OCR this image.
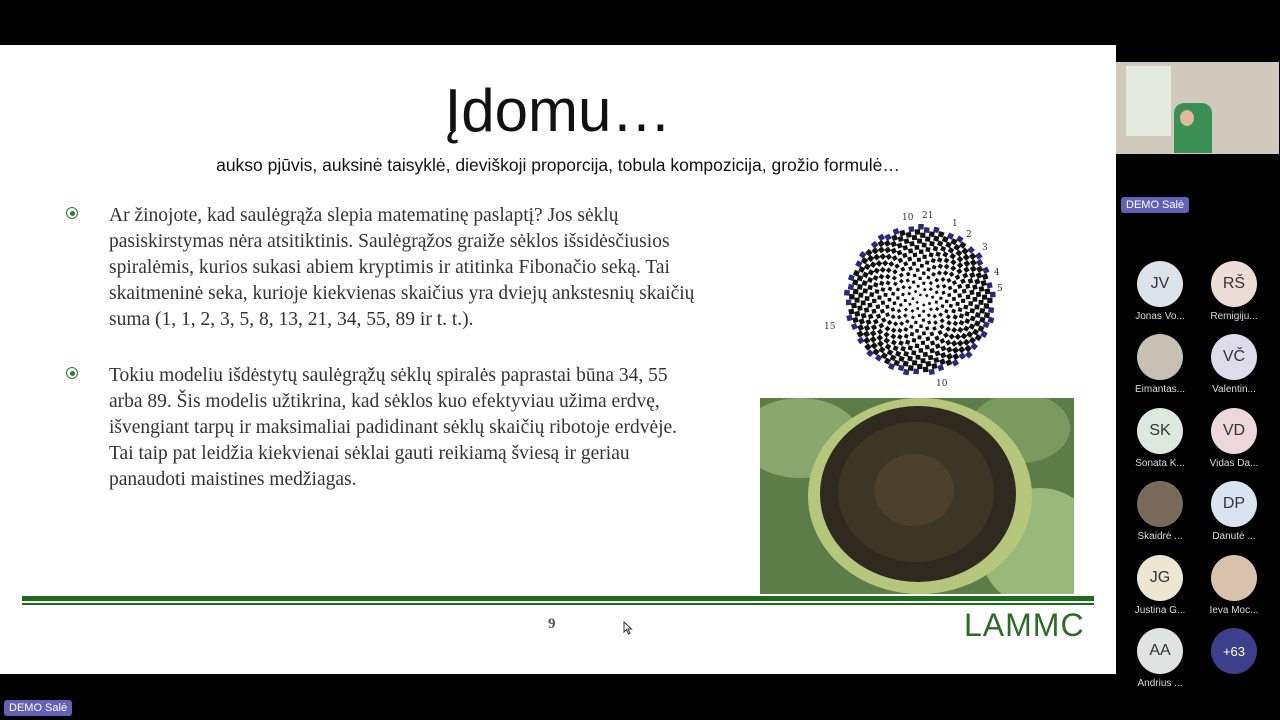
Įdomu…
aukso pjūvis, auksinė taisyklė, dieviškoji proporcija, tobula kompozicija, grožio formulė…
Ar žinojote, kad saulėgrąža slepia matematinę paslaptį? Jos sėklų pasiskirstymas nėra atsitiktinis. Saulėgrąžos graiže sėklos išsidėsčiusios spiralėmis, kurios sukasi abiem kryptimis ir atitinka Fibonačio seką. Tai skaitmeninė seka, kurioje kiekvienas skaičius yra dviejų ankstesnių skaičių suma (1, 1, 2, 3, 5, 8, 13, 21, 34, 55, 89 ir t. t.).
Tokiu modeliu išdėstytų saulėgrąžų sėklų spiralės paprastai būna 34, 55 arba 89. Šis modelis užtikrina, kad sėklos kuo efektyviau užima erdvę, išvengiant tarpų ir maksimaliai padidinant sėklų skaičių ribotoje erdvėje. Tai taip pat leidžia kiekvienai sėklai gauti reikiamą šviesą ir geriau panaudoti maistines medžiagas.
10 21
1
2
3
4
5
15
10
9	LAMMC
DEMO Salė
JV
Jonas Vo...
RŠ
Remigiju...
Eimantas...
VČ
Valentin...
SK
Sonata K...
VD
Vidas Da...
Skaidrė ...
DP
Danutė ...
JG
Justina G...	Ieva Moc...
AA
Andrius ...
+63
DEMO Salė
